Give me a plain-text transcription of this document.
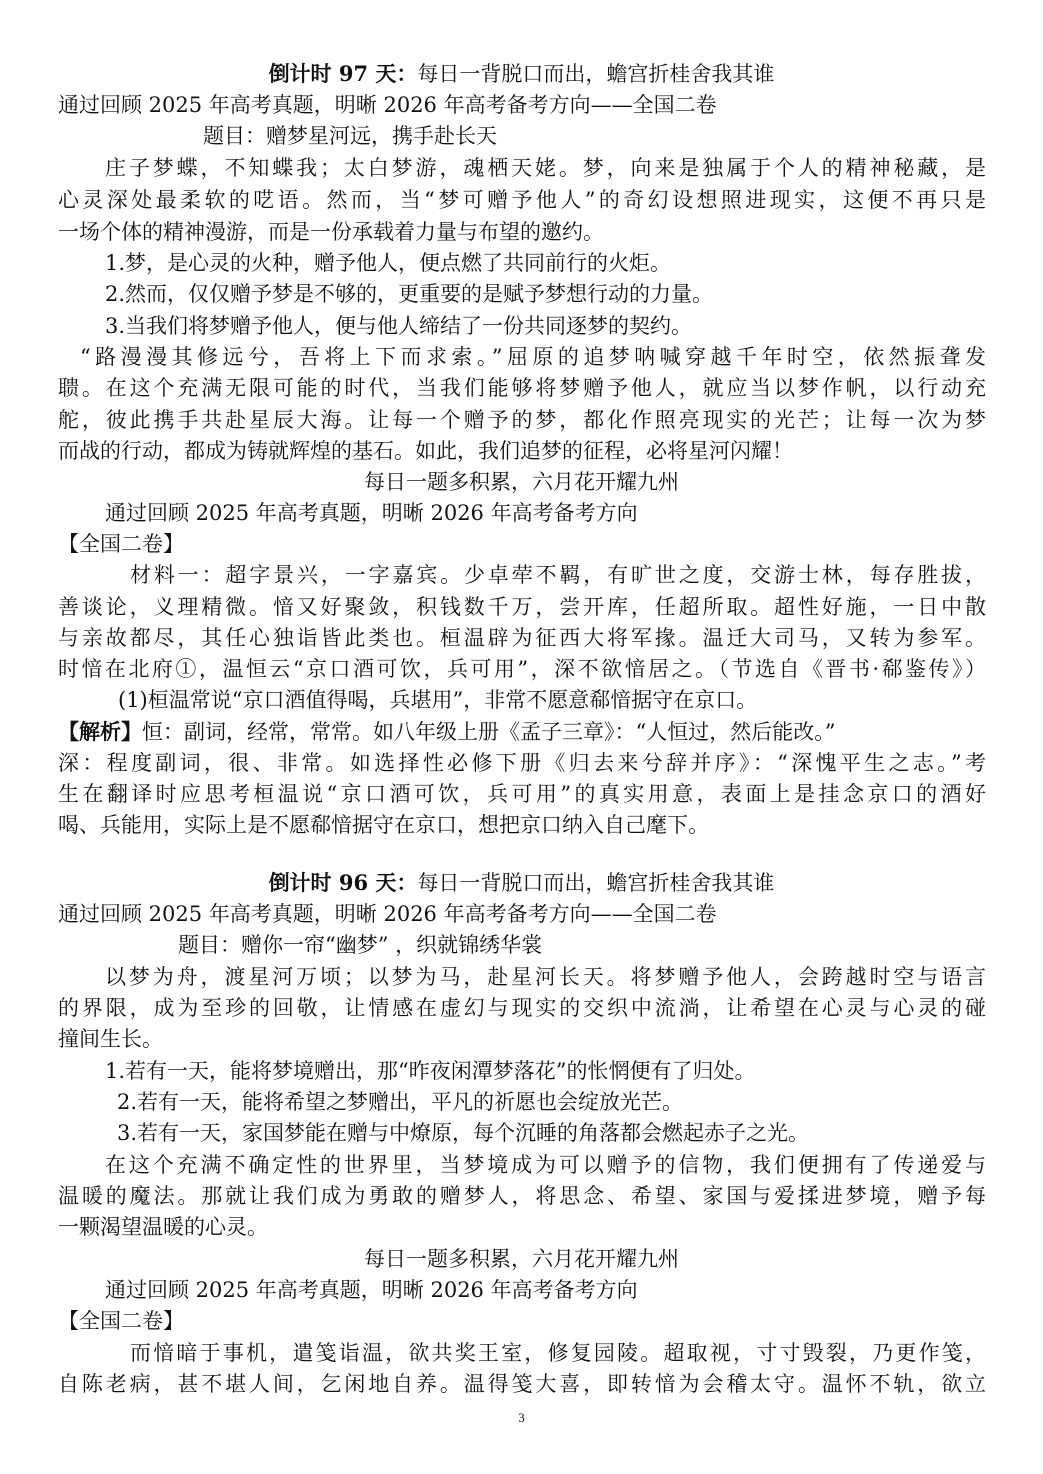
倒计时 97 天：每日一背脱口而出，蟾宫折桂舍我其谁
通过回顾 2025 年高考真题，明晰 2026 年高考备考方向——全国二卷
题目：赠梦星河远，携手赴长天
庄子梦蝶，不知蝶我；太白梦游，魂栖天姥。梦，向来是独属于个人的精神秘藏，是
心灵深处最柔软的呓语。然而，当“梦可赠予他人”的奇幻设想照进现实，这便不再只是
一场个体的精神漫游，而是一份承载着力量与布望的邀约。
1.梦，是心灵的火种，赠予他人，便点燃了共同前行的火炬。
2.然而，仅仅赠予梦是不够的，更重要的是赋予梦想行动的力量。
3.当我们将梦赠予他人，便与他人缔结了一份共同逐梦的契约。
“路漫漫其修远兮，吾将上下而求索。”屈原的追梦呐喊穿越千年时空，依然振聋发
聩。在这个充满无限可能的时代，当我们能够将梦赠予他人，就应当以梦作帆，以行动充
舵，彼此携手共赴星辰大海。让每一个赠予的梦，都化作照亮现实的光芒；让每一次为梦
而战的行动，都成为铸就辉煌的基石。如此，我们追梦的征程，必将星河闪耀！
每日一题多积累，六月花开耀九州
通过回顾 2025 年高考真题，明晰 2026 年高考备考方向
【全国二卷】
材料一：超字景兴，一字嘉宾。少卓荦不羁，有旷世之度，交游士林，每存胜拔，
善谈论，义理精微。愔又好聚敛，积钱数千万，尝开库，任超所取。超性好施，一日中散
与亲故都尽，其任心独诣皆此类也。桓温辟为征西大将军掾。温迁大司马，又转为参军。
时愔在北府①，温恒云“京口酒可饮，兵可用”，深不欲愔居之。（节选自《晋书·郗鉴传》）
(1)桓温常说“京口酒值得喝，兵堪用”，非常不愿意郗愔据守在京口。
【解析】恒：副词，经常，常常。如八年级上册《孟子三章》：“人恒过，然后能改。”
深：程度副词，很、非常。如选择性必修下册《归去来兮辞并序》：“深愧平生之志。”考
生在翻译时应思考桓温说“京口酒可饮，兵可用”的真实用意，表面上是挂念京口的酒好
喝、兵能用，实际上是不愿郗愔据守在京口，想把京口纳入自己麾下。
倒计时 96 天：每日一背脱口而出，蟾宫折桂舍我其谁
通过回顾 2025 年高考真题，明晰 2026 年高考备考方向——全国二卷
题目：赠你一帘“幽梦” ，织就锦绣华裳
以梦为舟，渡星河万顷；以梦为马，赴星河长天。将梦赠予他人，会跨越时空与语言
的界限，成为至珍的回敬，让情感在虚幻与现实的交织中流淌，让希望在心灵与心灵的碰
撞间生长。
1.若有一天，能将梦境赠出，那“昨夜闲潭梦落花”的怅惘便有了归处。
2.若有一天，能将希望之梦赠出，平凡的祈愿也会绽放光芒。
3.若有一天，家国梦能在赠与中燎原，每个沉睡的角落都会燃起赤子之光。
在这个充满不确定性的世界里，当梦境成为可以赠予的信物，我们便拥有了传递爱与
温暖的魔法。那就让我们成为勇敢的赠梦人，将思念、希望、家国与爱揉进梦境，赠予每
一颗渴望温暖的心灵。
每日一题多积累，六月花开耀九州
通过回顾 2025 年高考真题，明晰 2026 年高考备考方向
【全国二卷】
而愔暗于事机，遣笺诣温，欲共奖王室，修复园陵。超取视，寸寸毁裂，乃更作笺，
自陈老病，甚不堪人间，乞闲地自养。温得笺大喜，即转愔为会稽太守。温怀不轨，欲立
3
